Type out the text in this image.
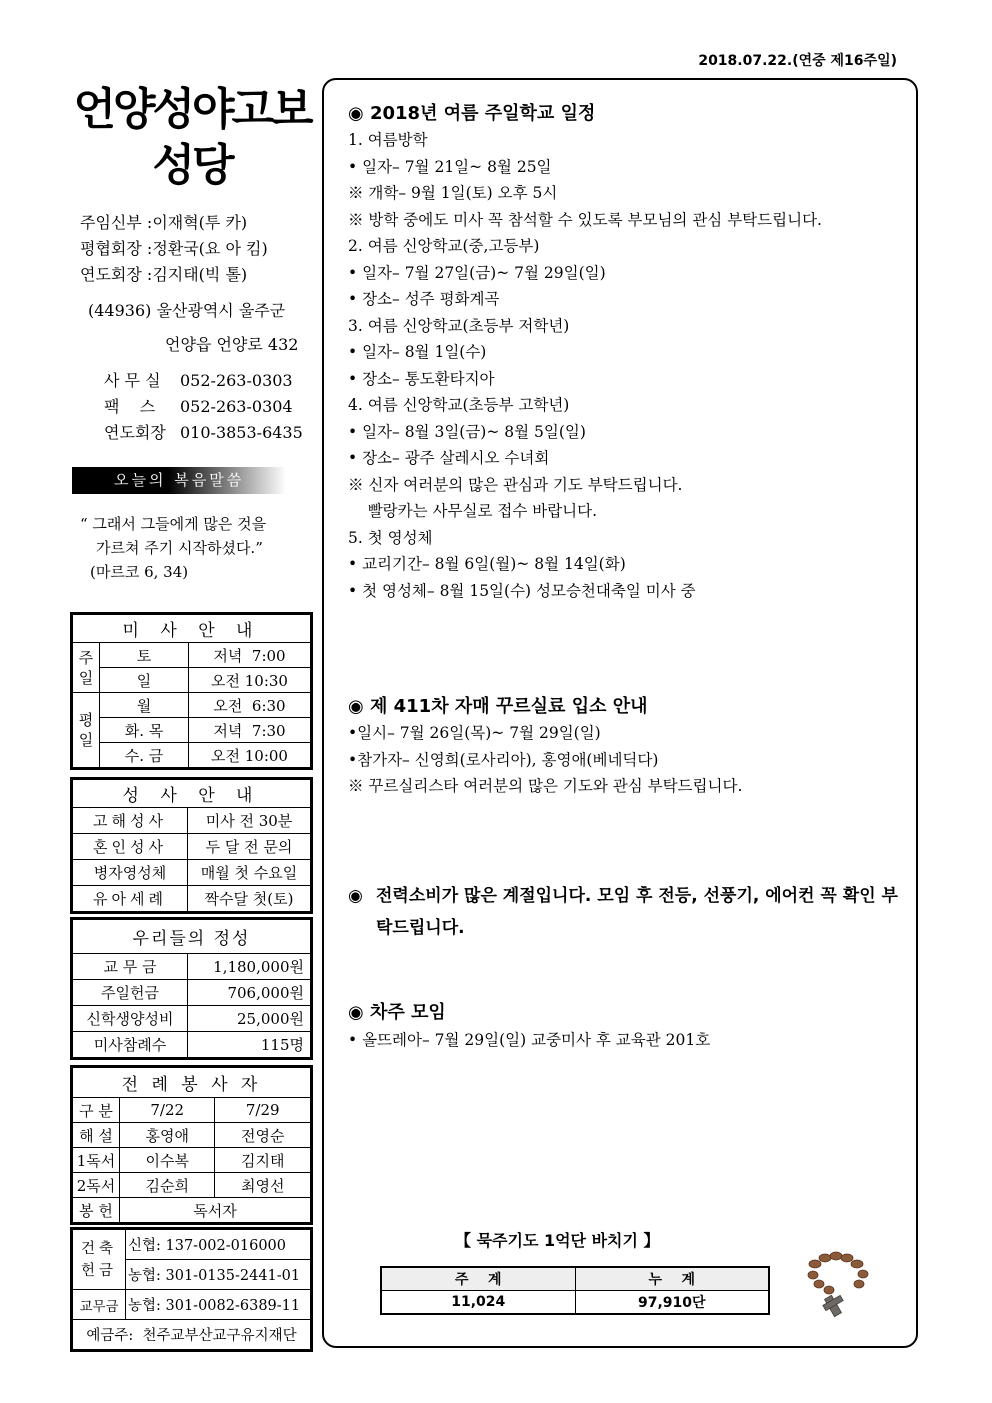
2018.07.22.(연중 제16주일)
언양성야고보
성당
주임신부 :이재혁(투 카)
평협회장 :정환국(요 아 킴)
연도회장 :김지태(빅 톨)
(44936) 울산광역시 울주군
언양읍 언양로 432
사 무 실 052-263-0303
팩    스 052-263-0304
연도회장 010-3853-6435
오늘의 복음말씀
“ 그래서 그들에게 많은 것을
가르쳐 주기 시작하셨다.”
(마르코 6, 34)
미 사 안 내		
주일	토	저녁  7:00
	일	오전 10:30
평일	월	오전  6:30
	화. 목	저녁  7:30
	수. 금	오전 10:00
성 사 안 내	
고해성사	미사 전 30분
혼인성사	두 달 전 문의
병자영성체	매월 첫 수요일
유아세례	짝수달 첫(토)
우리들의 정성	
교 무 금	1,180,000원
주일헌금	706,000원
신학생양성비	25,000원
미사참례수	115명
전 례 봉 사 자		
구 분	7/22	7/29
해 설	홍영애	전영순
1독서	이수복	김지태
2독서	김순희	최영선
봉 헌	독서자	
건축 헌금	신협: 137-002-016000
	농협: 301-0135-2441-01
교무금	농협: 301-0082-6389-11
예금주:  천주교부산교구유지재단	
◉ 2018년 여름 주일학교 일정
1. 여름방학
• 일자– 7월 21일~ 8월 25일
※ 개학– 9월 1일(토) 오후 5시
※ 방학 중에도 미사 꼭 참석할 수 있도록 부모님의 관심 부탁드립니다.
2. 여름 신앙학교(중,고등부)
• 일자– 7월 27일(금)~ 7월 29일(일)
• 장소– 성주 평화계곡
3. 여름 신앙학교(초등부 저학년)
• 일자– 8월 1일(수)
• 장소– 통도환타지아
4. 여름 신앙학교(초등부 고학년)
• 일자– 8월 3일(금)~ 8월 5일(일)
• 장소– 광주 살레시오 수녀회
※ 신자 여러분의 많은 관심과 기도 부탁드립니다.
빨랑카는 사무실로 접수 바랍니다.
5. 첫 영성체
• 교리기간– 8월 6일(월)~ 8월 14일(화)
• 첫 영성체– 8월 15일(수) 성모승천대축일 미사 중
◉ 제 411차 자매 꾸르실료 입소 안내
•일시– 7월 26일(목)~ 7월 29일(일)
•참가자– 신영희(로사리아), 홍영애(베네딕다)
※ 꾸르실리스타 여러분의 많은 기도와 관심 부탁드립니다.
◉ 전력소비가 많은 계절입니다. 모임 후 전등, 선풍기, 에어컨 꼭 확인 부탁드립니다.
◉ 차주 모임
• 올뜨레아– 7월 29일(일) 교중미사 후 교육관 201호
【 묵주기도 1억단 바치기 】
주    계	누    계
11,024	97,910단
